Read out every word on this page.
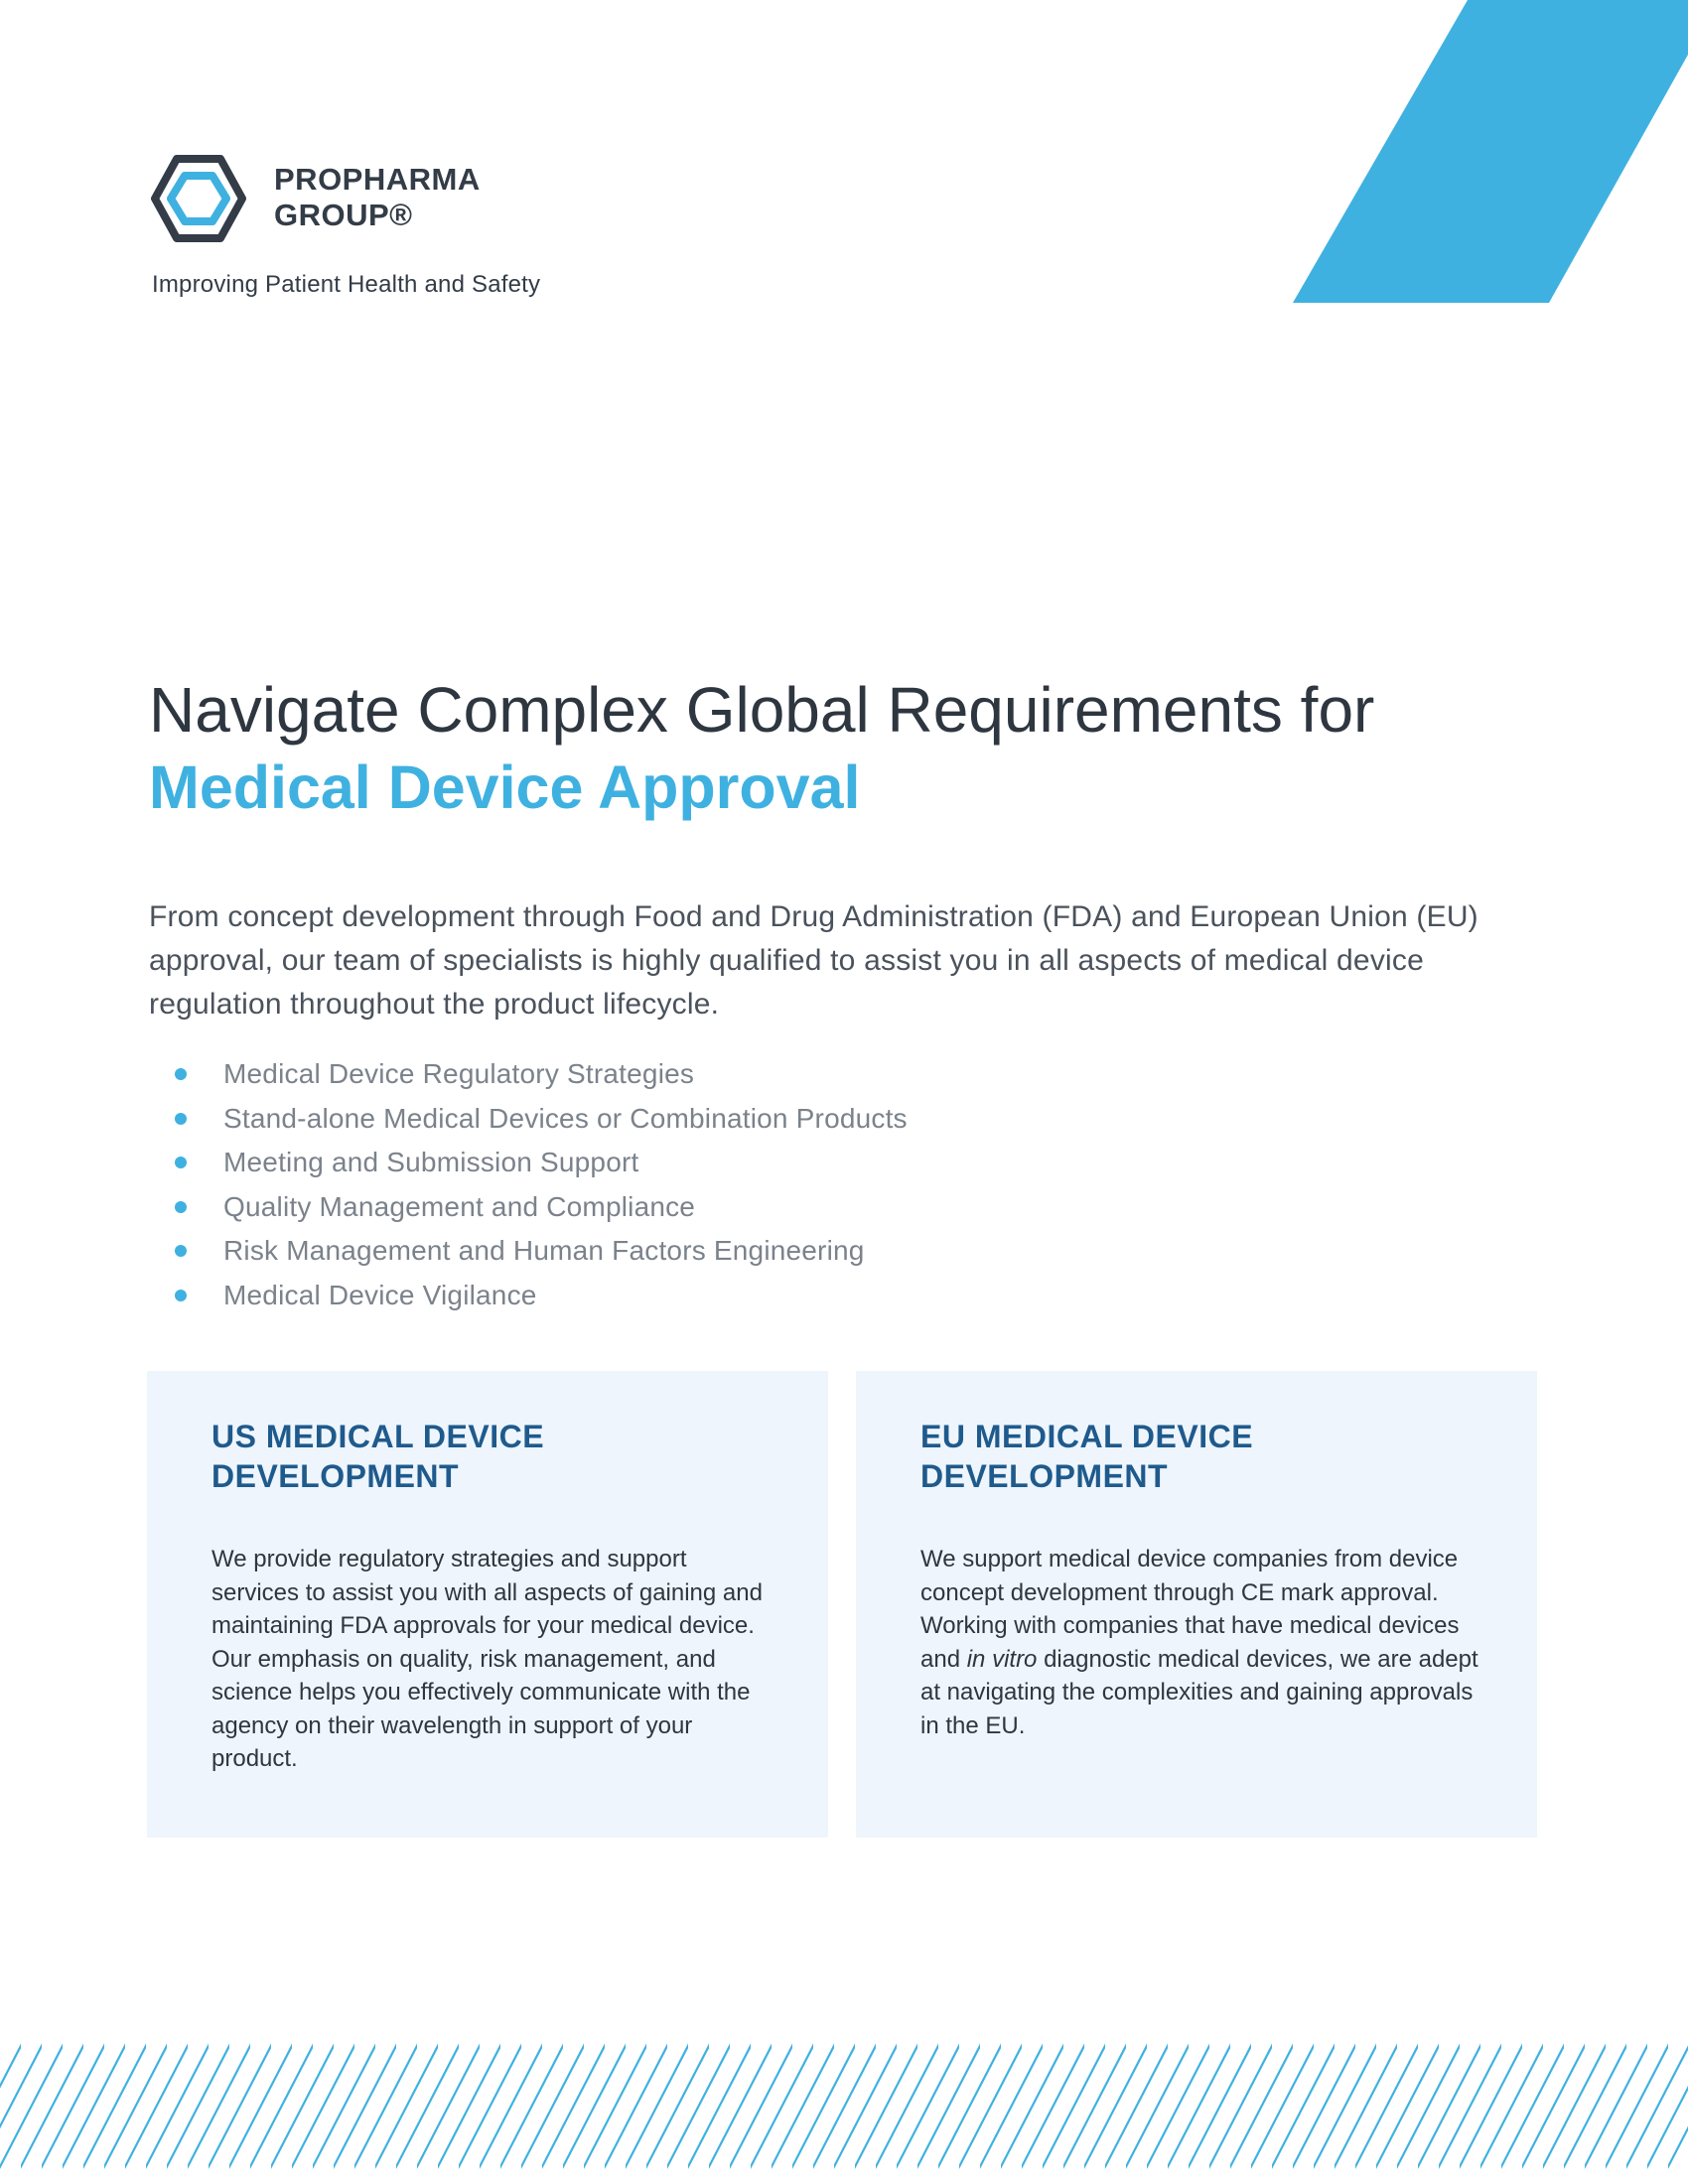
PROPHARMA
GROUP®
Improving Patient Health and Safety
Navigate Complex Global Requirements for
Medical Device Approval

From concept development through Food and Drug Administration (FDA) and European Union (EU) approval, our team of specialists is highly qualified to assist you in all aspects of medical device regulation throughout the product lifecycle.

Medical Device Regulatory Strategies
Stand-alone Medical Devices or Combination Products
Meeting and Submission Support
Quality Management and Compliance
Risk Management and Human Factors Engineering
Medical Device Vigilance
US MEDICAL DEVICE DEVELOPMENT

We provide regulatory strategies and support services to assist you with all aspects of gaining and maintaining FDA approvals for your medical device. Our emphasis on quality, risk management, and science helps you effectively communicate with the agency on their wavelength in support of your product.

EU MEDICAL DEVICE DEVELOPMENT

We support medical device companies from device concept development through CE mark approval. Working with companies that have medical devices and in vitro diagnostic medical devices, we are adept at navigating the complexities and gaining approvals in the EU.
